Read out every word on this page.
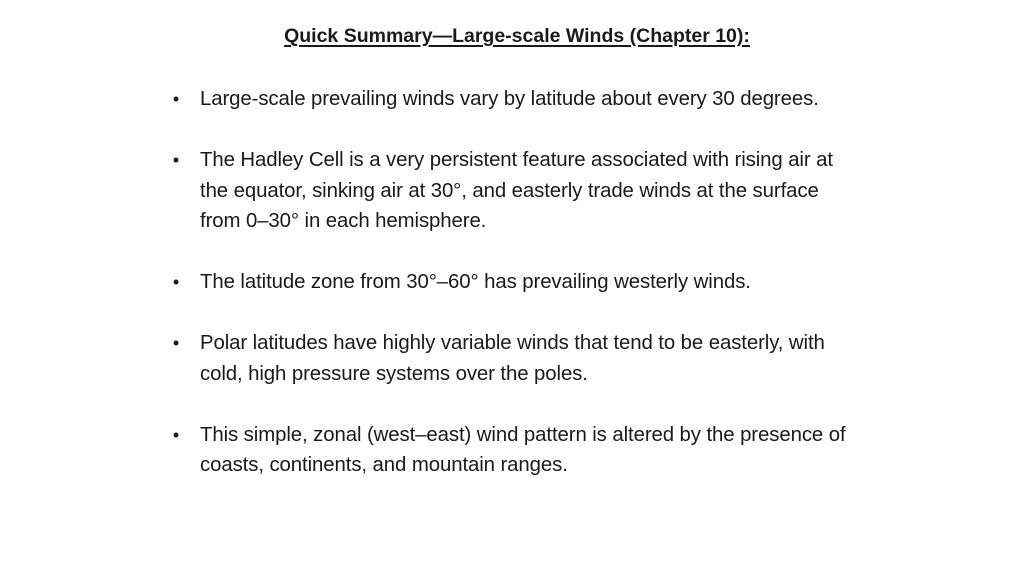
Quick Summary—Large-scale Winds (Chapter 10):
• Large-scale prevailing winds vary by latitude about every 30 degrees.
• The Hadley Cell is a very persistent feature associated with rising air at the equator, sinking air at 30°, and easterly trade winds at the surface from 0–30° in each hemisphere.
• The latitude zone from 30°–60° has prevailing westerly winds.
• Polar latitudes have highly variable winds that tend to be easterly, with cold, high pressure systems over the poles.
• This simple, zonal (west–east) wind pattern is altered by the presence of coasts, continents, and mountain ranges.
